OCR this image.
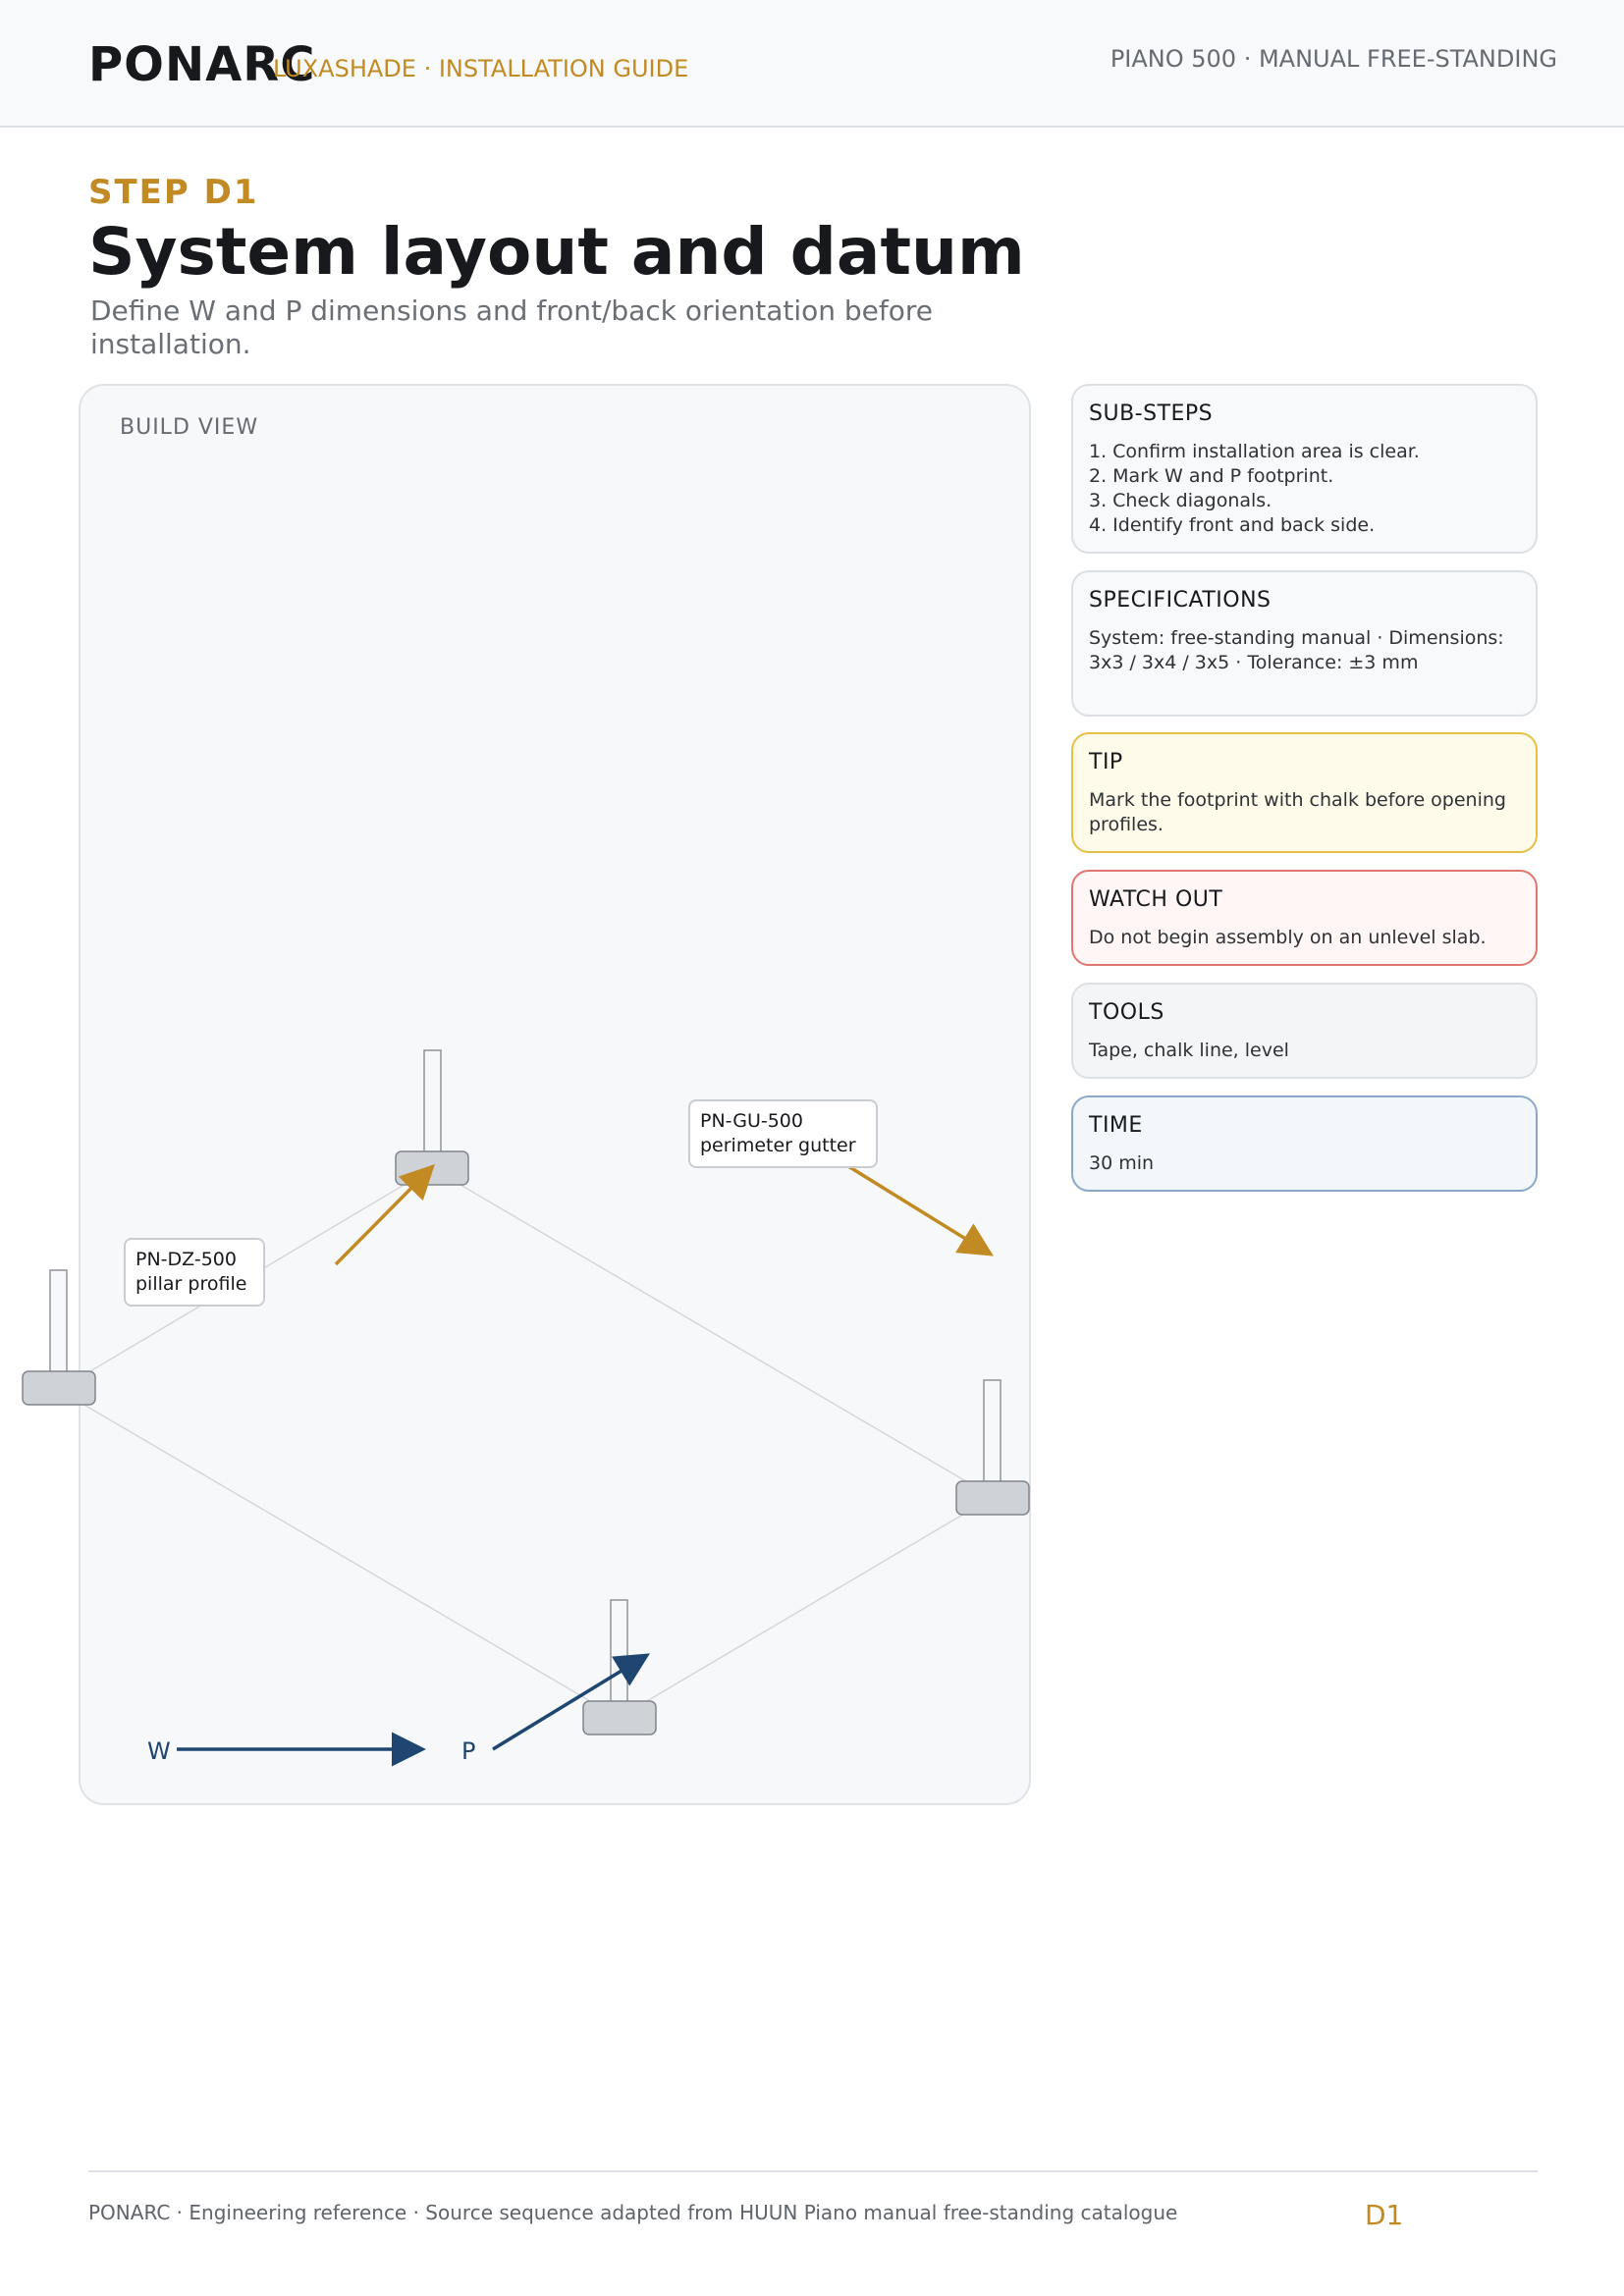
PONARC
LUXASHADE · INSTALLATION GUIDE	PIANO 500 · MANUAL FREE-STANDING
STEP D1
System layout and datum
Define W and P dimensions and front/back orientation before installation.
BUILD VIEW
W	P
PN-DZ-500
pillar profile
PN-GU-500
perimeter gutter
SUB-STEPS
1. Confirm installation area is clear.
2. Mark W and P footprint.
3. Check diagonals.
4. Identify front and back side.
SPECIFICATIONS
System: free-standing manual · Dimensions: 3x3 / 3x4 / 3x5 · Tolerance: ±3 mm
TIP
Mark the footprint with chalk before opening profiles.
WATCH OUT
Do not begin assembly on an unlevel slab.
TOOLS
Tape, chalk line, level
TIME
30 min
PONARC · Engineering reference · Source sequence adapted from HUUN Piano manual free-standing catalogue	D1
